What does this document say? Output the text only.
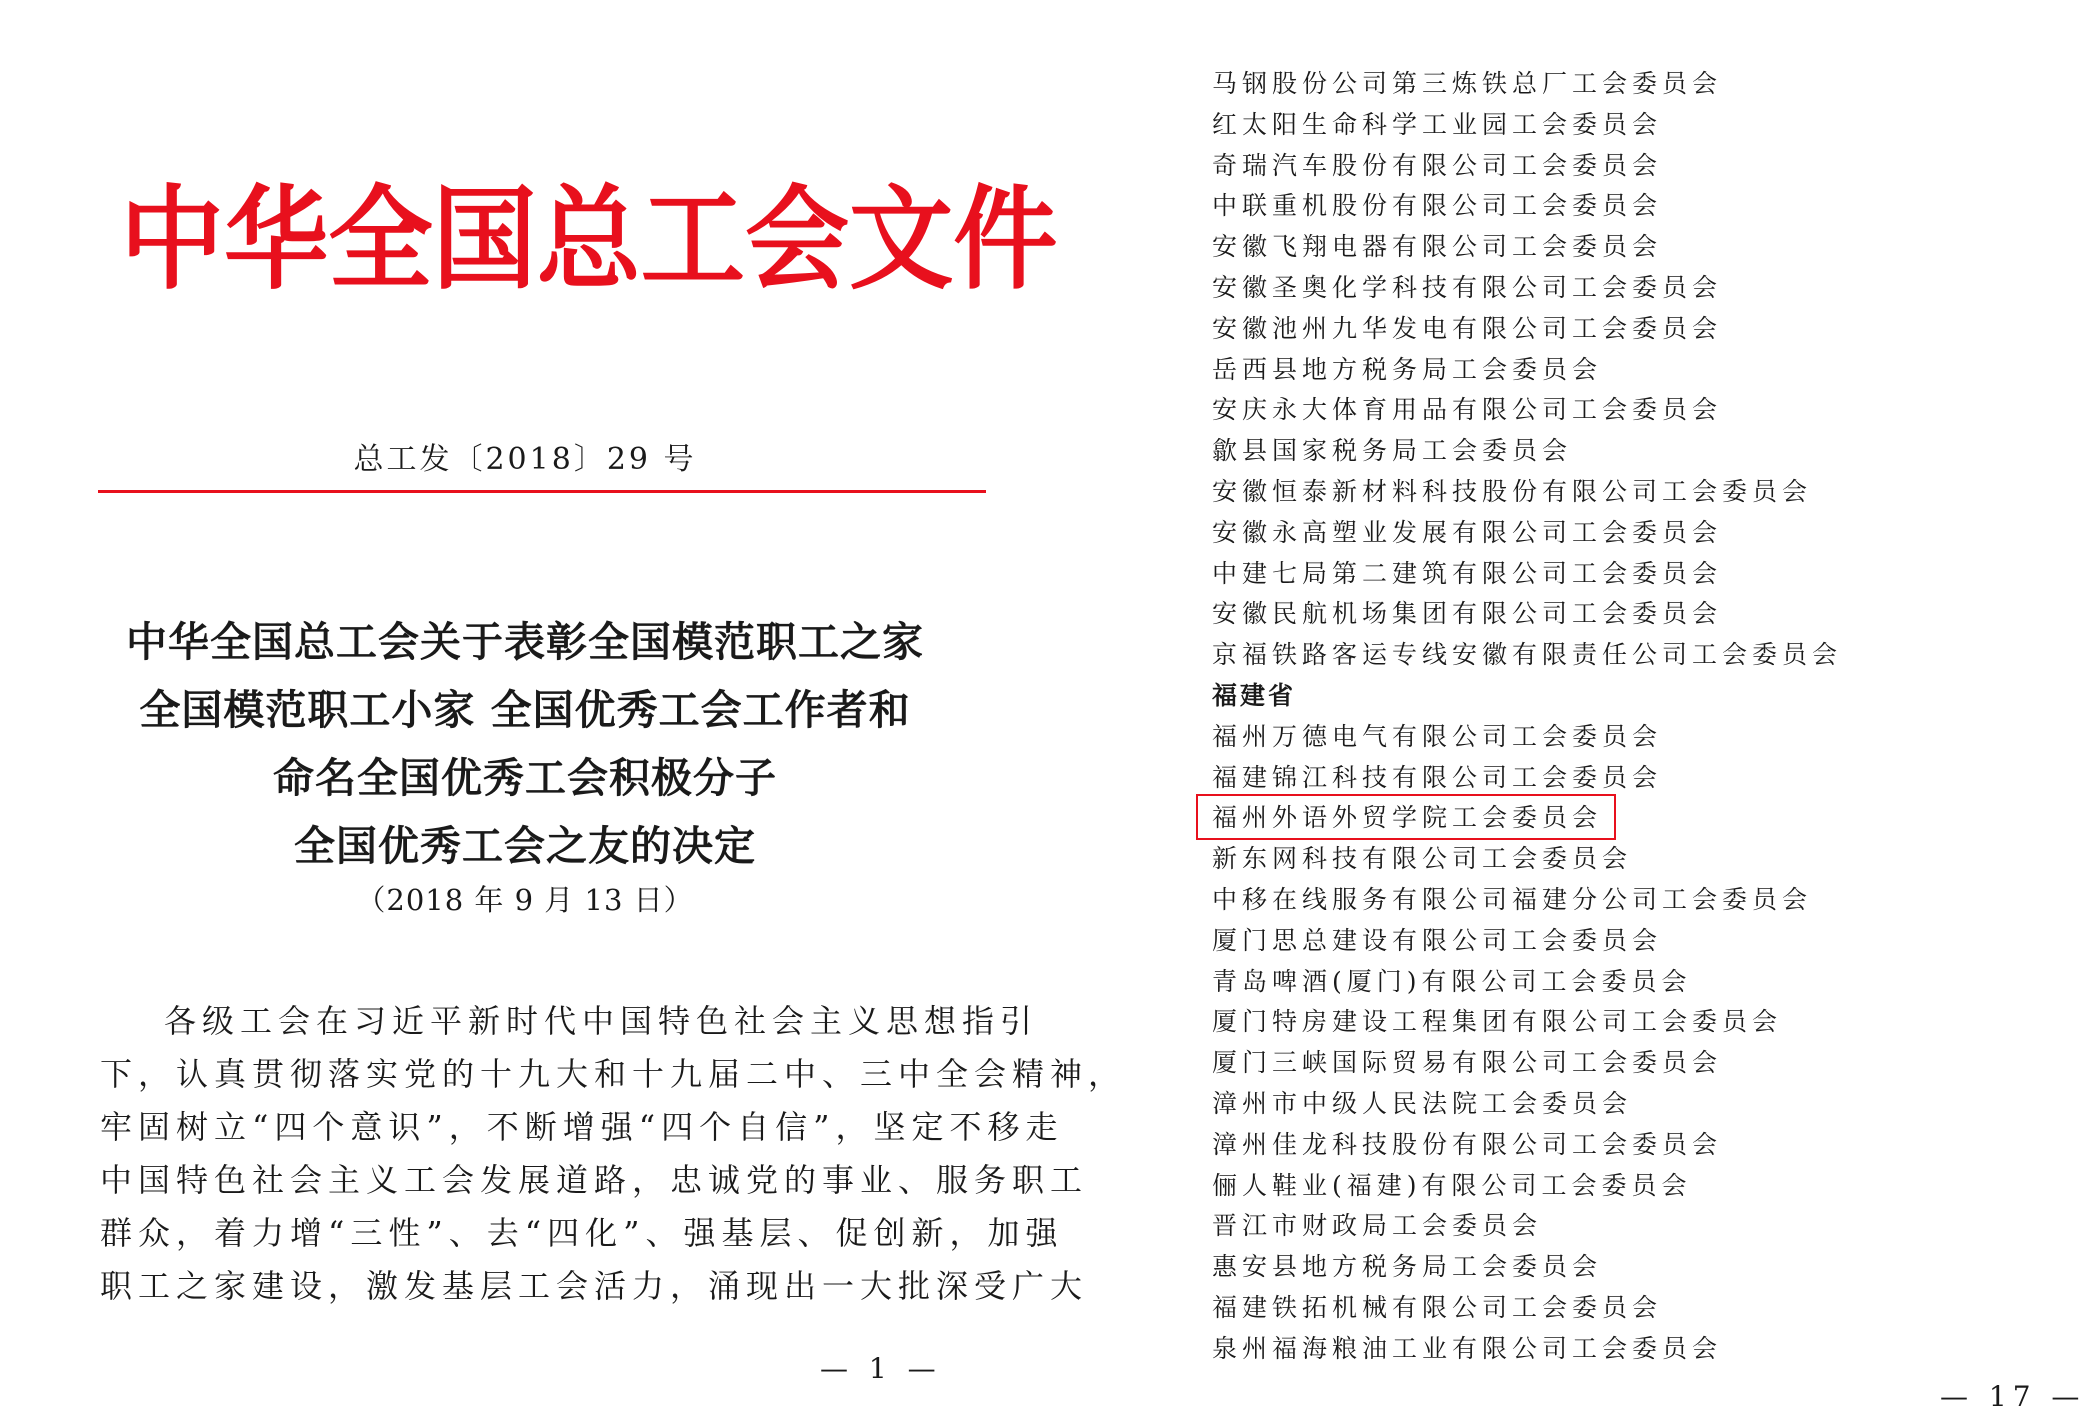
中华全国总工会文件
总工发〔2018〕29 号
中华全国总工会关于表彰全国模范职工之家
全国模范职工小家 全国优秀工会工作者和
命名全国优秀工会积极分子
全国优秀工会之友的决定
（2018 年 9 月 13 日）
各级工会在习近平新时代中国特色社会主义思想指引
下，认真贯彻落实党的十九大和十九届二中、三中全会精神，
牢固树立“四个意识”，不断增强“四个自信”，坚定不移走
中国特色社会主义工会发展道路，忠诚党的事业、服务职工
群众，着力增“三性”、去“四化”、强基层、促创新，加强
职工之家建设，激发基层工会活力，涌现出一大批深受广大
— 1 —
马钢股份公司第三炼铁总厂工会委员会
红太阳生命科学工业园工会委员会
奇瑞汽车股份有限公司工会委员会
中联重机股份有限公司工会委员会
安徽飞翔电器有限公司工会委员会
安徽圣奥化学科技有限公司工会委员会
安徽池州九华发电有限公司工会委员会
岳西县地方税务局工会委员会
安庆永大体育用品有限公司工会委员会
歙县国家税务局工会委员会
安徽恒泰新材料科技股份有限公司工会委员会
安徽永高塑业发展有限公司工会委员会
中建七局第二建筑有限公司工会委员会
安徽民航机场集团有限公司工会委员会
京福铁路客运专线安徽有限责任公司工会委员会
福建省
福州万德电气有限公司工会委员会
福建锦江科技有限公司工会委员会
福州外语外贸学院工会委员会
新东网科技有限公司工会委员会
中移在线服务有限公司福建分公司工会委员会
厦门思总建设有限公司工会委员会
青岛啤酒(厦门)有限公司工会委员会
厦门特房建设工程集团有限公司工会委员会
厦门三峡国际贸易有限公司工会委员会
漳州市中级人民法院工会委员会
漳州佳龙科技股份有限公司工会委员会
俪人鞋业(福建)有限公司工会委员会
晋江市财政局工会委员会
惠安县地方税务局工会委员会
福建铁拓机械有限公司工会委员会
泉州福海粮油工业有限公司工会委员会
— 17 —
